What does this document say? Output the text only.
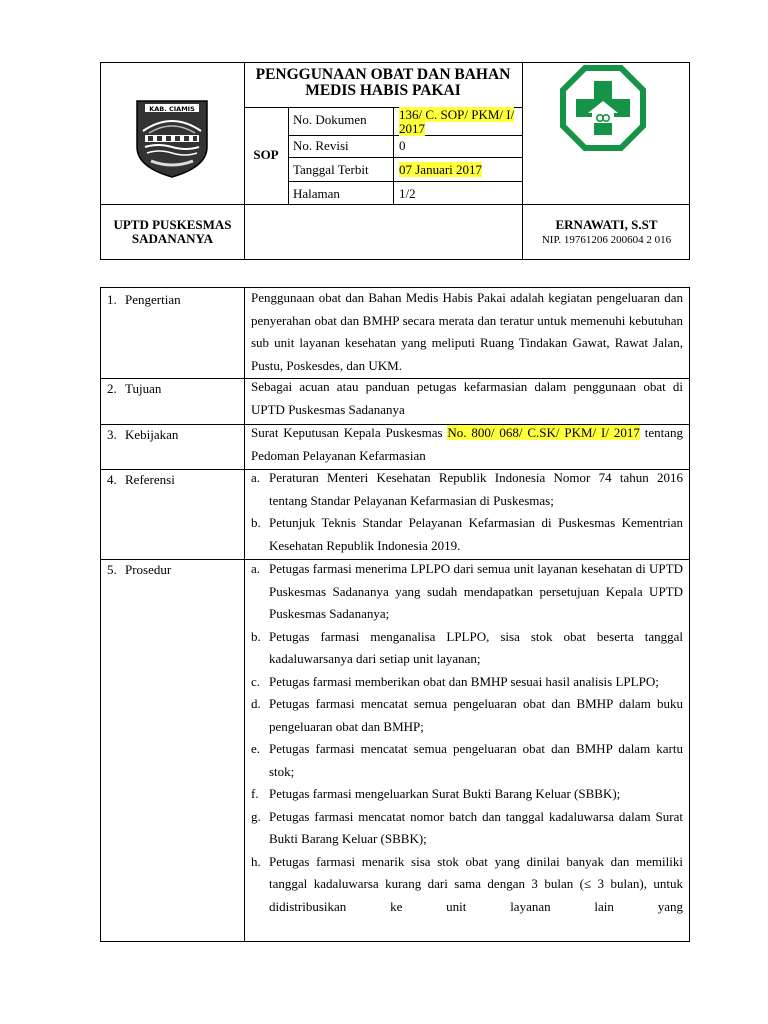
KAB. CIAMIS
PENGGUNAAN OBAT DAN BAHAN MEDIS HABIS PAKAI
SOP
No. Dokumen 136/ C. SOP/ PKM/ I/ 2017
No. Revisi	0
Tanggal Terbit 07 Januari 2017
Halaman	1/2
UPTD PUSKESMAS SADANANYA
ERNAWATI, S.ST
NIP. 19761206 200604 2 016
1. Pengertian	Penggunaan obat dan Bahan Medis Habis Pakai adalah kegiatan pengeluaran dan penyerahan obat dan BMHP secara merata dan teratur untuk memenuhi kebutuhan sub unit layanan kesehatan yang meliputi Ruang Tindakan Gawat, Rawat Jalan, Pustu, Poskesdes, dan UKM.
2. Tujuan	Sebagai acuan atau panduan petugas kefarmasian dalam penggunaan obat di UPTD Puskesmas Sadananya
3. Kebijakan	Surat Keputusan Kepala Puskesmas No. 800/ 068/ C.SK/ PKM/ I/ 2017 tentang Pedoman Pelayanan Kefarmasian
4. Referensi	a. Peraturan Menteri Kesehatan Republik Indonesia Nomor 74 tahun 2016 tentang Standar Pelayanan Kefarmasian di Puskesmas;
b. Petunjuk Teknis Standar Pelayanan Kefarmasian di Puskesmas Kementrian Kesehatan Republik Indonesia 2019.
5. Prosedur	a. Petugas farmasi menerima LPLPO dari semua unit layanan kesehatan di UPTD Puskesmas Sadananya yang sudah mendapatkan persetujuan Kepala UPTD Puskesmas Sadananya;
b. Petugas farmasi menganalisa LPLPO, sisa stok obat beserta tanggal kadaluwarsanya dari setiap unit layanan;
c. Petugas farmasi memberikan obat dan BMHP sesuai hasil analisis LPLPO;
d. Petugas farmasi mencatat semua pengeluaran obat dan BMHP dalam buku pengeluaran obat dan BMHP;
e. Petugas farmasi mencatat semua pengeluaran obat dan BMHP dalam kartu stok;
f. Petugas farmasi mengeluarkan Surat Bukti Barang Keluar (SBBK);
g. Petugas farmasi mencatat nomor batch dan tanggal kadaluwarsa dalam Surat Bukti Barang Keluar (SBBK);
h. Petugas farmasi menarik sisa stok obat yang dinilai banyak dan memiliki tanggal kadaluwarsa kurang dari sama dengan 3 bulan (≤ 3 bulan), untuk didistribusikan ke unit layanan lain yang
